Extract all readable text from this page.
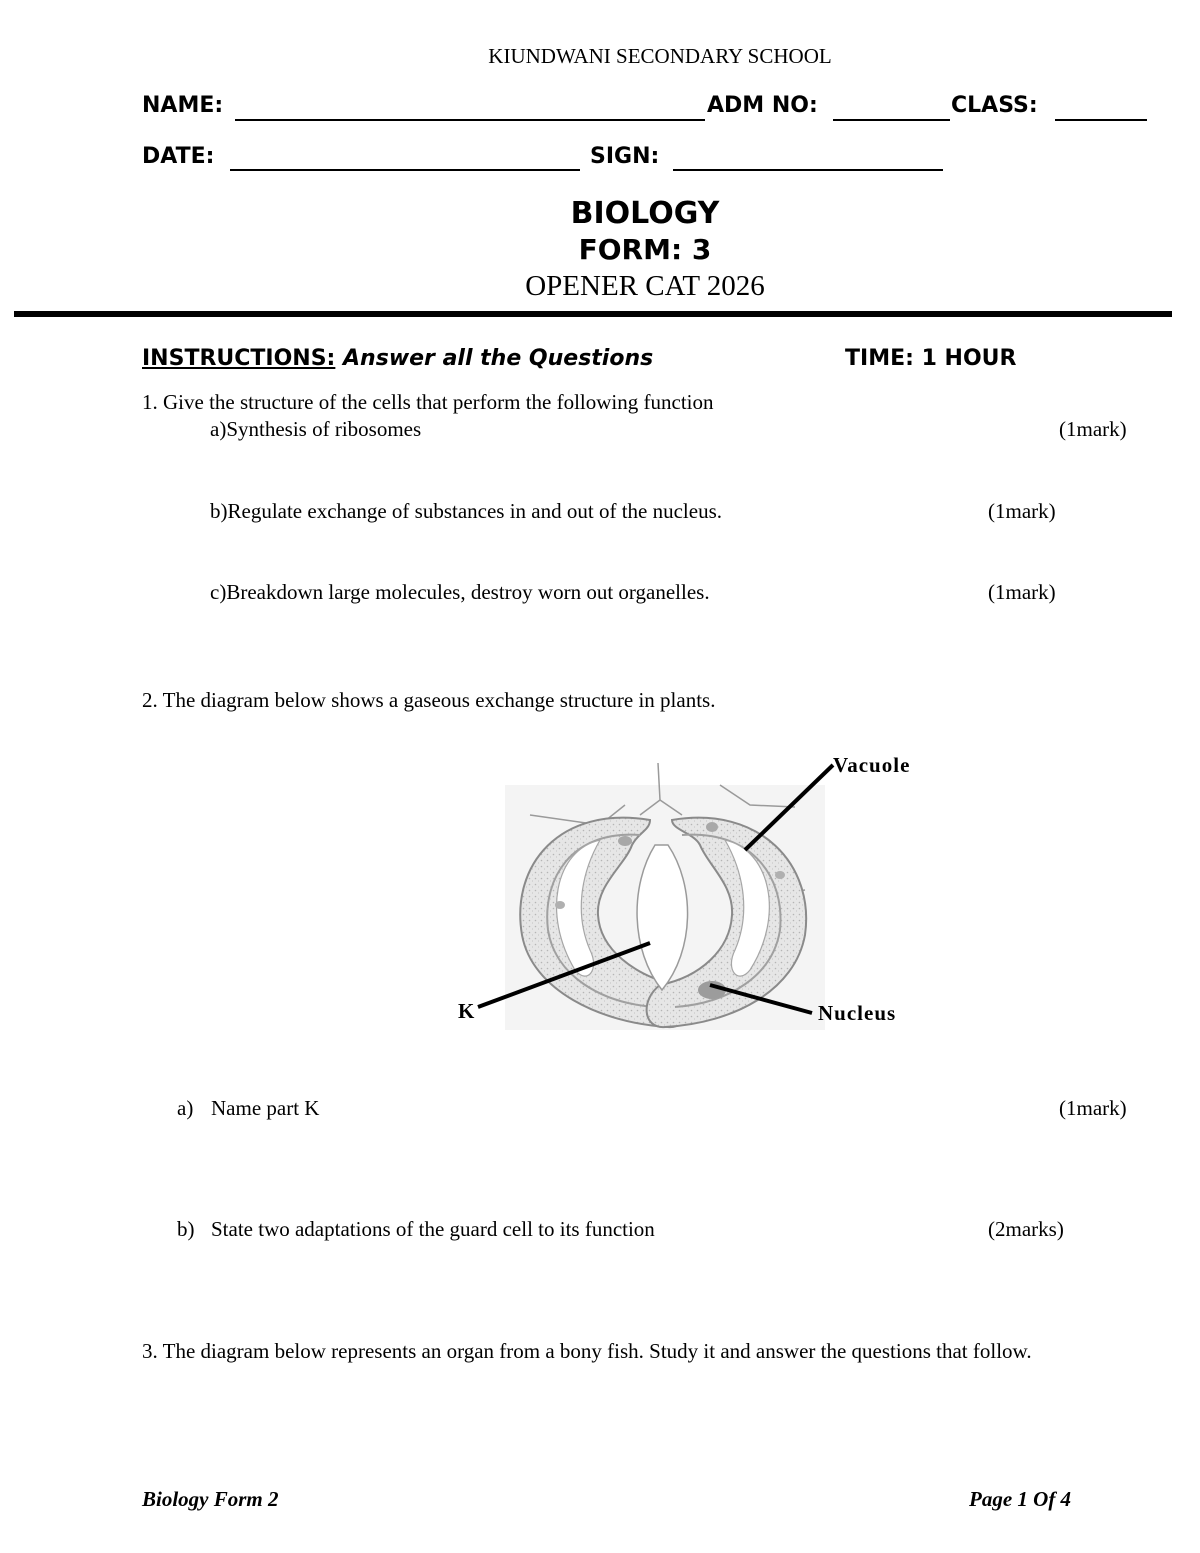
KIUNDWANI SECONDARY SCHOOL
NAME:	ADM NO:	CLASS:
DATE:	SIGN:
BIOLOGY
FORM: 3
OPENER CAT 2026
INSTRUCTIONS: Answer all the Questions	TIME: 1 HOUR
1. Give the structure of the cells that perform the following function
a)Synthesis of ribosomes	(1mark)
b)Regulate exchange of substances in and out of the nucleus.	(1mark)
c)Breakdown large molecules, destroy worn out organelles.	(1mark)
2. The diagram below shows a gaseous exchange structure in plants.
Vacuole
K	Nucleus
a) Name part K	(1mark)
b) State two adaptations of the guard cell to its function	(2marks)
3. The diagram below represents an organ from a bony fish. Study it and answer the questions that follow.
Biology Form 2	Page 1 Of 4
